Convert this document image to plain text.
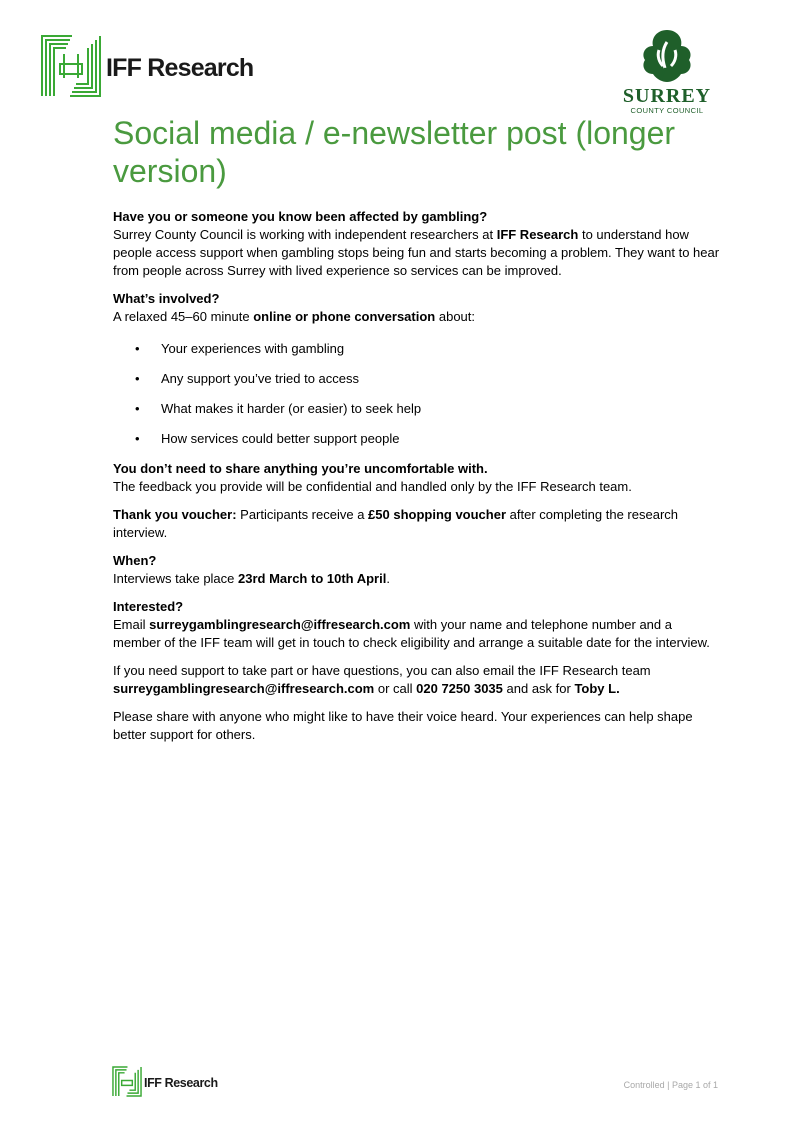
IFF Research
SURREY
COUNTY COUNCIL
Social media / e-newsletter post (longer version)

Have you or someone you know been affected by gambling?
Surrey County Council is working with independent researchers at IFF Research to understand how people access support when gambling stops being fun and starts becoming a problem. They want to hear from people across Surrey with lived experience so services can be improved.

What’s involved?
A relaxed 45–60 minute online or phone conversation about:

• Your experiences with gambling
• Any support you’ve tried to access
• What makes it harder (or easier) to seek help
• How services could better support people

You don’t need to share anything you’re uncomfortable with.
The feedback you provide will be confidential and handled only by the IFF Research team.

Thank you voucher: Participants receive a £50 shopping voucher after completing the research interview.

When?
Interviews take place 23rd March to 10th April.

Interested?
Email surreygamblingresearch@iffresearch.com with your name and telephone number and a member of the IFF team will get in touch to check eligibility and arrange a suitable date for the interview.

If you need support to take part or have questions, you can also email the IFF Research team surreygamblingresearch@iffresearch.com or call 020 7250 3035 and ask for Toby L.

Please share with anyone who might like to have their voice heard. Your experiences can help shape better support for others.

IFF Research	Controlled | Page 1 of 1
